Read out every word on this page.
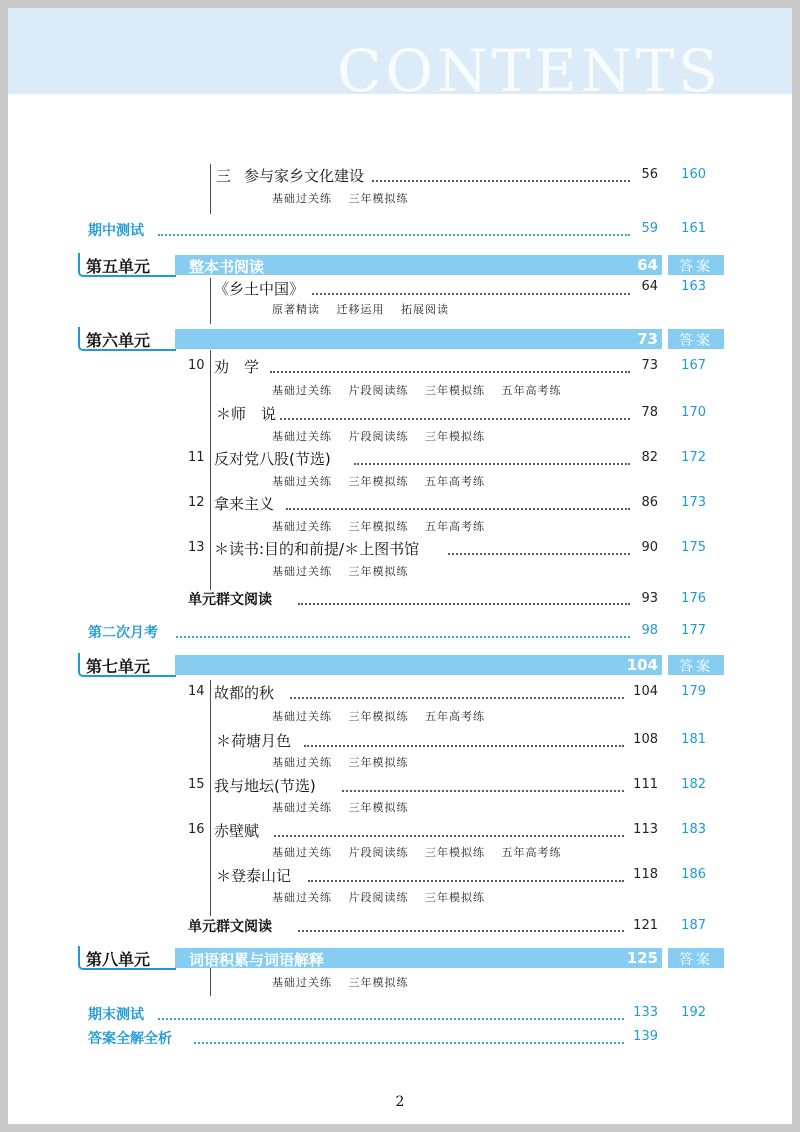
CONTENTS
三 参与家乡文化建设	56	160
基础过关练 三年模拟练
期中测试	59	161
第五单元	整本书阅读	64	答案
《乡土中国》	64	163
原著精读 迁移运用 拓展阅读
第六单元	73	答案
10 劝　学	73	167
基础过关练 片段阅读练 三年模拟练 五年高考练
＊师　说	78	170
基础过关练 片段阅读练 三年模拟练
11 反对党八股(节选)	82	172
基础过关练 三年模拟练 五年高考练
12 拿来主义	86	173
基础过关练 三年模拟练 五年高考练
13 ＊读书:目的和前提/＊上图书馆	90	175
基础过关练 三年模拟练
单元群文阅读	93	176
第二次月考	98	177
第七单元	104	答案
14 故都的秋	104	179
基础过关练 三年模拟练 五年高考练
＊荷塘月色	108	181
基础过关练 三年模拟练
15 我与地坛(节选)	111	182
基础过关练 三年模拟练
16 赤壁赋	113	183
基础过关练 片段阅读练 三年模拟练 五年高考练
＊登泰山记	118	186
基础过关练 片段阅读练 三年模拟练
单元群文阅读	121	187
第八单元	词语积累与词语解释	125	答案
基础过关练 三年模拟练
期末测试	133	192
答案全解全析	139
2
